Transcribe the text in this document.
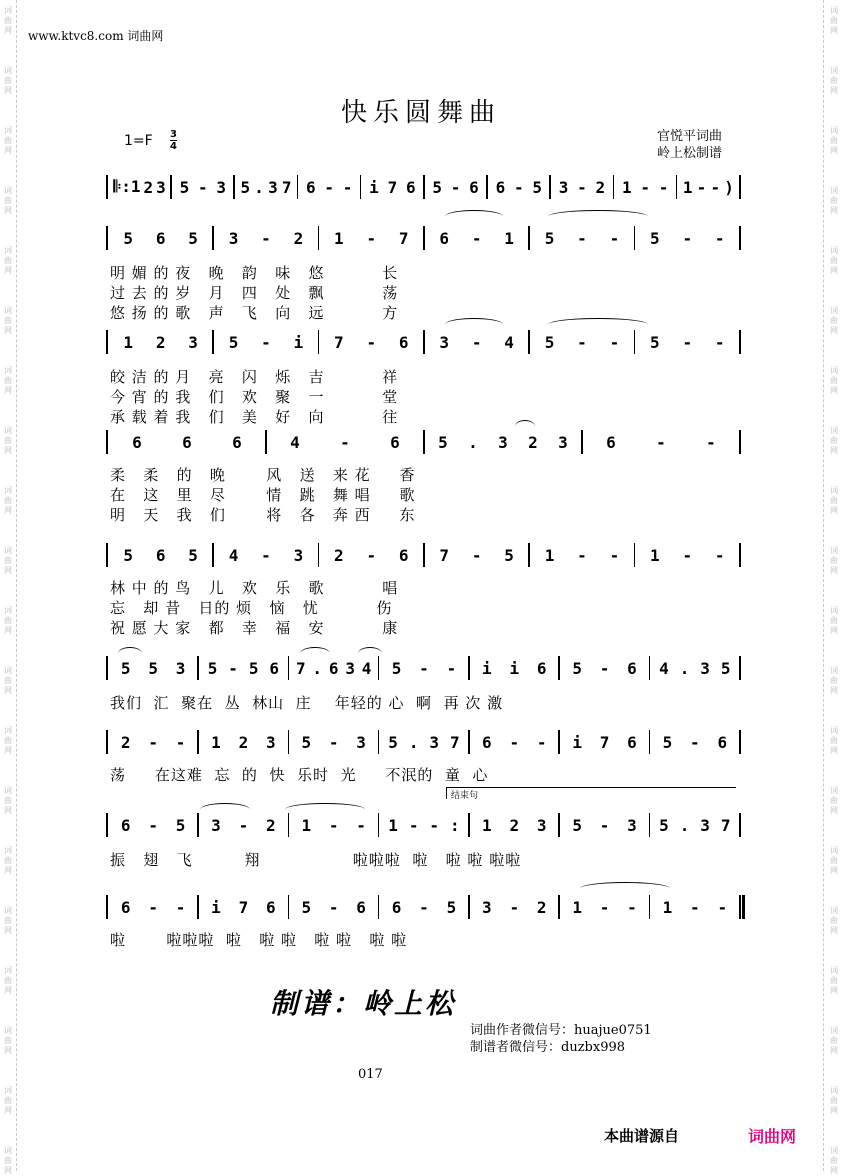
词
曲
网
词
曲
网
词
曲
网
词
曲
网
词
曲
网
词
曲
网
词
曲
网
词
曲
网
词
曲
网
词
曲
网
词
曲
网
词
曲
网
词
曲
网
词
曲
网
词
曲
网
词
曲
网
词
曲
网
词
曲
网
词
曲
网
词
曲
网
词
曲
网
词
曲
网
词
曲
网
词
曲
网
词
曲
网
词
曲
网
词
曲
网
词
曲
网
词
曲
网
词
曲
网
词
曲
网
词
曲
网
词
曲
网
词
曲
网
词
曲
网
词
曲
网
词
曲
网
词
曲
网
词
曲
网
词
曲
网
www.ktvc8.com 词曲网
快乐圆舞曲
1=F 3
4
官悦平词曲
岭上松制谱
𝄆:1 2 3 5 - 3 5 . 3 7 6 - - i 7 6 5 - 6 6 - 5 3 - 2 1 - - 1 - - )
5 6 5 3 - 2 1 - 7 6 - 1 5 - - 5 - -
明 媚 的 夜   晚   韵   味   悠          长
过 去 的 岁   月   四   处   飘          荡
悠 扬 的 歌   声   飞   向   远          方
1 2 3 5 - i 7 - 6 3 - 4 5 - - 5 - -
皎 洁 的 月   亮   闪   烁   吉          祥
今 宵 的 我   们   欢   聚   一          堂
承 载 着 我   们   美   好   向          往
6	6	6	4	-	6 5 . 3 2 3 6	-	-
柔   柔   的   晚       风   送   来 花     香
在   这   里   尽       情   跳   舞 唱     歌
明   天   我   们       将   各   奔 西     东
5 6 5 4 - 3 2 - 6 7 - 5 1 - - 1 - -
林 中 的 鸟   儿   欢   乐   歌          唱
忘   却 昔   日的 烦   恼   忧          伤
祝 愿 大 家   都   幸   福   安          康
5 5 3 5 - 5 6 7 . 6 3 4 5 - - i i 6 5 - 6 4 . 3 5
我们  汇  聚在  丛  林山  庄    年轻的 心  啊  再 次 激
2 - - 1 2 3 5 - 3 5 . 3 7 6 - - i 7 6 5 - 6
荡     在这难  忘  的  快  乐时  光     不泯的  童  心
6 - 5 3 - 2 1 - - 1 - - : 1 2 3 5 - 3 5 . 3 7
振   翅   飞         翔                啦啦啦  啦   啦 啦 啦啦
6 - - i 7 6 5 - 6 6 - 5 3 - 2 1 - - 1 - -
啦       啦啦啦  啦   啦 啦   啦 啦   啦 啦
结束句
制谱：岭上松
词曲作者微信号：huajue0751
制谱者微信号：duzbx998
017
本曲谱源自	词曲网
